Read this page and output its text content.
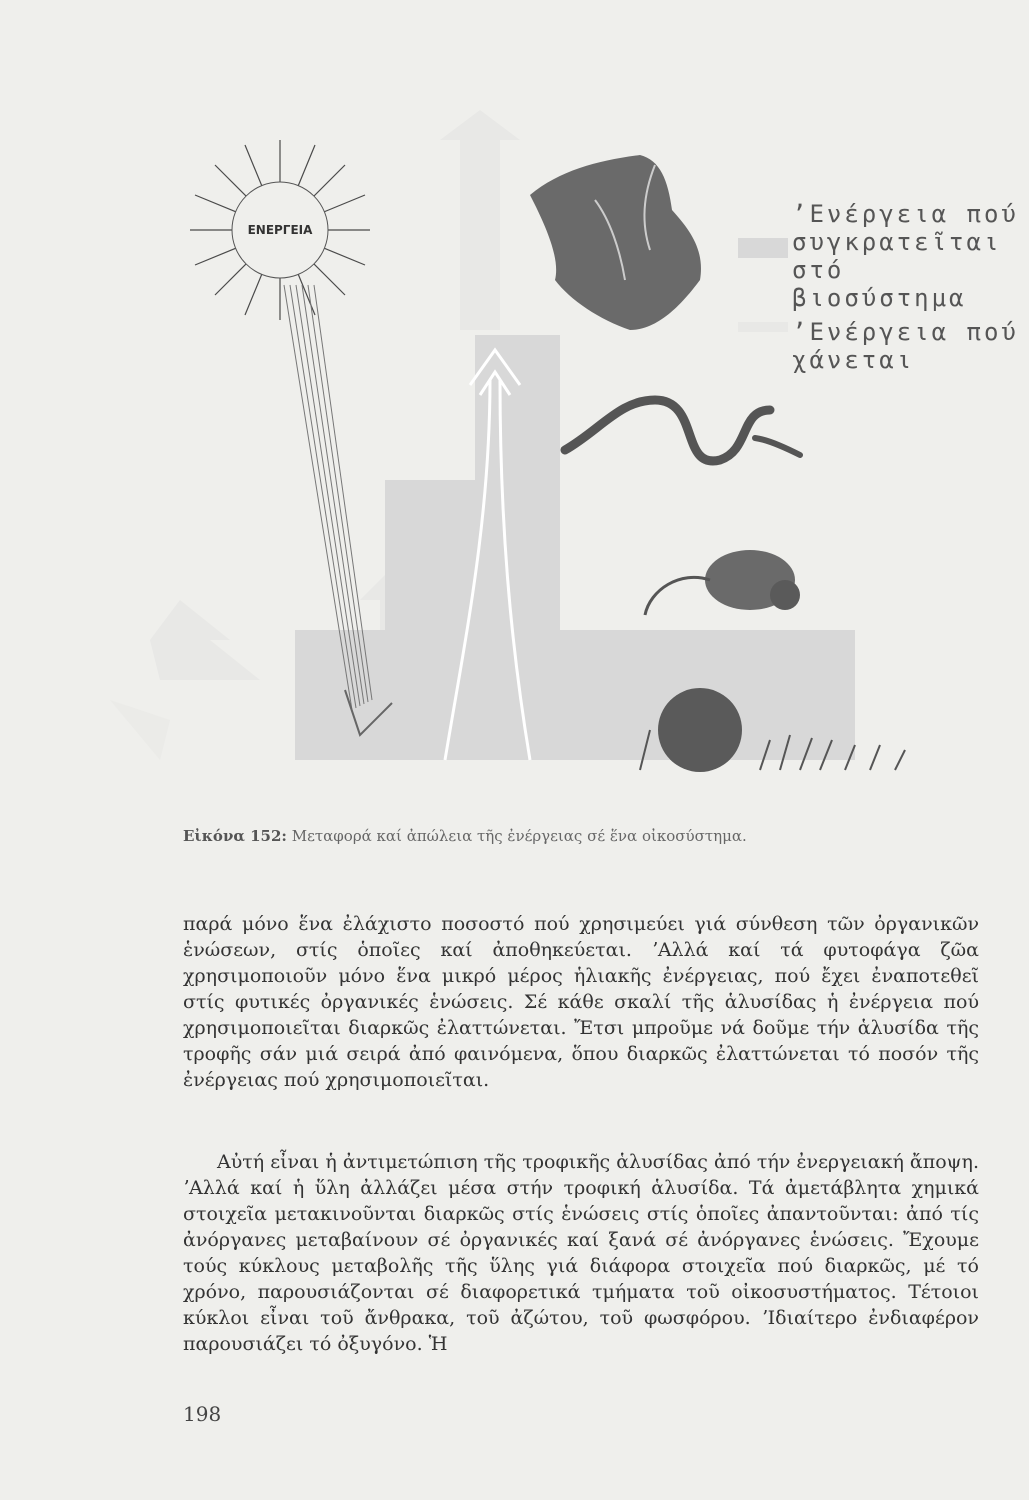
ΕΝΕΡΓΕΙΑ
ʼΕνέργεια πού
συγκρατεῖται
στό βιοσύστημα
ʼΕνέργεια πού
χάνεται
Εἰκόνα 152: Μεταφορά καί ἀπώλεια τῆς ἐνέργειας σέ ἕνα οἰκοσύστημα.

παρά μόνο ἕνα ἐλάχιστο ποσοστό πού χρησιμεύει γιά σύνθεση τῶν ὀργανικῶν ἑνώσεων, στίς ὁποῖες καί ἀποθηκεύεται. ʼΑλλά καί τά φυτοφάγα ζῶα χρησιμοποιοῦν μόνο ἕνα μικρό μέρος ἡλιακῆς ἐνέργειας, πού ἔχει ἐναποτεθεῖ στίς φυτικές ὀργανικές ἑνώσεις. Σέ κάθε σκαλί τῆς ἁλυσίδας ἡ ἐνέργεια πού χρησιμοποιεῖται διαρκῶς ἐλαττώνεται. Ἔτσι μπροῦμε νά δοῦμε τήν ἁλυσίδα τῆς τροφῆς σάν μιά σειρά ἀπό φαινόμενα, ὅπου διαρκῶς ἐλαττώνεται τό ποσόν τῆς ἐνέργειας πού χρησιμοποιεῖται.

Αὐτή εἶναι ἡ ἀντιμετώπιση τῆς τροφικῆς ἁλυσίδας ἀπό τήν ἐνεργειακή ἄποψη. ʼΑλλά καί ἡ ὕλη ἀλλάζει μέσα στήν τροφική ἁλυσίδα. Τά ἀμετάβλητα χημικά στοιχεῖα μετακινοῦνται διαρκῶς στίς ἑνώσεις στίς ὁποῖες ἀπαντοῦνται: ἀπό τίς ἀνόργανες μεταβαίνουν σέ ὀργανικές καί ξανά σέ ἀνόργανες ἑνώσεις. Ἔχουμε τούς κύκλους μεταβολῆς τῆς ὕλης γιά διάφορα στοιχεῖα πού διαρκῶς, μέ τό χρόνο, παρουσιάζονται σέ διαφορετικά τμήματα τοῦ οἰκοσυστήματος. Τέτοιοι κύκλοι εἶναι τοῦ ἄνθρακα, τοῦ ἀζώτου, τοῦ φωσφόρου. ʼΙδιαίτερο ἐνδιαφέρον παρουσιάζει τό ὀξυγόνο. Ἡ

198
